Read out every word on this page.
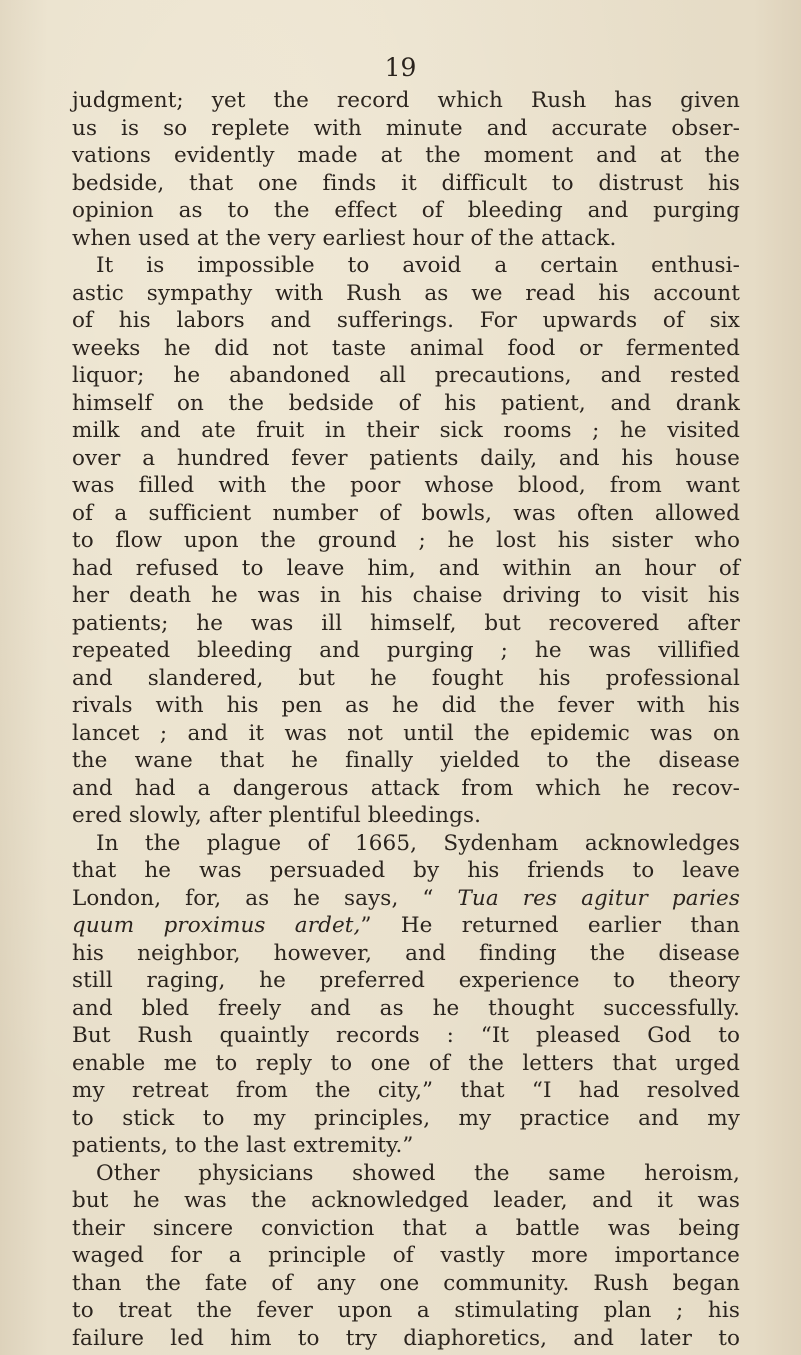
19
judgment; yet the record which Rush has given
us is so replete with minute and accurate obser-
vations evidently made at the moment and at the
bedside, that one finds it difficult to distrust his
opinion as to the effect of bleeding and purging
when used at the very earliest hour of the attack.
It is impossible to avoid a certain enthusi-
astic sympathy with Rush as we read his account
of his labors and sufferings. For upwards of six
weeks he did not taste animal food or fermented
liquor; he abandoned all precautions, and rested
himself on the bedside of his patient, and drank
milk and ate fruit in their sick rooms ; he visited
over a hundred fever patients daily, and his house
was filled with the poor whose blood, from want
of a sufficient number of bowls, was often allowed
to flow upon the ground ; he lost his sister who
had refused to leave him, and within an hour of
her death he was in his chaise driving to visit his
patients; he was ill himself, but recovered after
repeated bleeding and purging ; he was villified
and slandered, but he fought his professional
rivals with his pen as he did the fever with his
lancet ; and it was not until the epidemic was on
the wane that he finally yielded to the disease
and had a dangerous attack from which he recov-
ered slowly, after plentiful bleedings.
In the plague of 1665, Sydenham acknowledges
that he was persuaded by his friends to leave
London, for, as he says, “ Tua res agitur paries
quum proximus ardet,” He returned earlier than
his neighbor, however, and finding the disease
still raging, he preferred experience to theory
and bled freely and as he thought successfully.
But Rush quaintly records : “It pleased God to
enable me to reply to one of the letters that urged
my retreat from the city,” that “I had resolved
to stick to my principles, my practice and my
patients, to the last extremity.”
Other physicians showed the same heroism,
but he was the acknowledged leader, and it was
their sincere conviction that a battle was being
waged for a principle of vastly more importance
than the fate of any one community. Rush began
to treat the fever upon a stimulating plan ; his
failure led him to try diaphoretics, and later to
